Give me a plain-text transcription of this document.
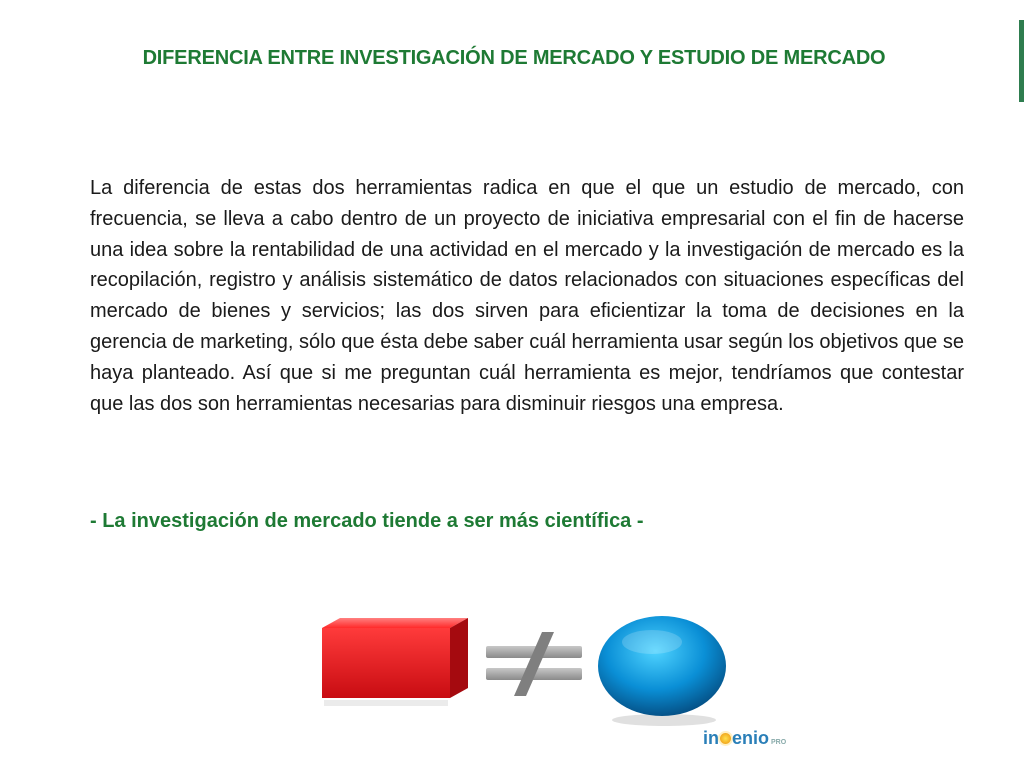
DIFERENCIA ENTRE INVESTIGACIÓN DE MERCADO Y ESTUDIO DE MERCADO
La diferencia de estas dos herramientas radica en que el que un estudio de mercado, con frecuencia, se lleva a cabo dentro de un proyecto de iniciativa empresarial con el fin de hacerse una idea sobre la rentabilidad de una actividad en el mercado y la investigación de mercado es la recopilación, registro y análisis sistemático de datos relacionados con situaciones específicas del mercado de bienes y servicios; las dos sirven para eficientizar la toma de decisiones en la gerencia de marketing, sólo que ésta debe saber cuál herramienta usar según los objetivos que se haya planteado. Así que si me preguntan cuál herramienta es mejor, tendríamos que contestar que las dos son herramientas necesarias para disminuir riesgos una empresa.
- La investigación de mercado tiende a ser más científica -
in enio PRO
